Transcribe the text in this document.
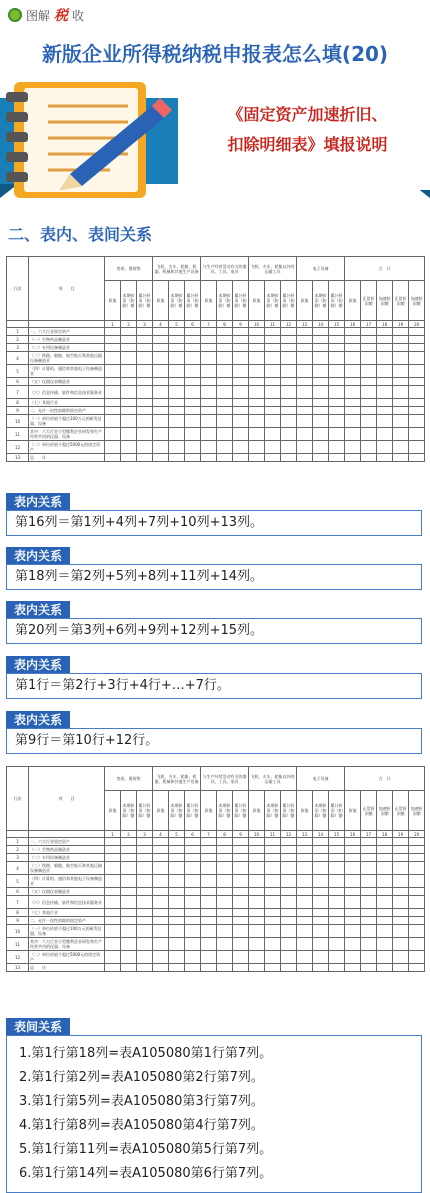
图解 税 收
新版企业所得税纳税申报表怎么填(20)
《固定资产加速折旧、
扣除明细表》填报说明
二、表内、表间关系
行次	项　　目	房屋、建筑物			飞机、火车、轮船、机器、机械和其他生产设备			与生产经营活动有关的器具、工具、家具			飞机、火车、轮船以外的运输工具			电子设备			合　计				
		原值	本期折旧（扣除）额	累计折旧（扣除）额	原值	本期折旧（扣除）额	累计折旧（扣除）额	原值	本期折旧（扣除）额	累计折旧（扣除）额	原值	本期折旧（扣除）额	累计折旧（扣除）额	原值	本期折旧（扣除）额	累计折旧（扣除）额	原值	正常折旧额	加速折旧额	正常折旧额	加速折旧额
		1	2	3	4	5	6	7	8	9	10	11	12	13	14	15	16	17	18	19	20
1	一、六大行业固定资产																				
2	（一）生物药品制造业																				
3	（二）专用设备制造业																				
4	（三）铁路、船舶、航空航天和其他运输设备制造业																				
5	（四）计算机、通信和其他电子设备制造业																				
6	（五）仪器仪表制造业																				
7	（六）信息传输、软件和信息技术服务业																				
8	（七）其他行业																				
9	二、允许一次性扣除的固定资产																				
10	（一）单位价值不超过100万元的研发仪器、设备																				
11	其中：六大行业小型微利企业研发和生产经营共用的仪器、设备																				
12	（二）单位价值不超过5000元的固定资产																				
13	总　　计																				
表内关系
第16列＝第1列+4列+7列+10列+13列。
表内关系
第18列＝第2列+5列+8列+11列+14列。
表内关系
第20列＝第3列+6列+9列+12列+15列。
表内关系
第1行＝第2行+3行+4行+…+7行。
表内关系
第9行＝第10行+12行。
行次	项　　目	房屋、建筑物			飞机、火车、轮船、机器、机械和其他生产设备			与生产经营活动有关的器具、工具、家具			飞机、火车、轮船以外的运输工具			电子设备			合　计				
		原值	本期折旧（扣除）额	累计折旧（扣除）额	原值	本期折旧（扣除）额	累计折旧（扣除）额	原值	本期折旧（扣除）额	累计折旧（扣除）额	原值	本期折旧（扣除）额	累计折旧（扣除）额	原值	本期折旧（扣除）额	累计折旧（扣除）额	原值	正常折旧额	加速折旧额	正常折旧额	加速折旧额
		1	2	3	4	5	6	7	8	9	10	11	12	13	14	15	16	17	18	19	20
1	一、六大行业固定资产																				
2	（一）生物药品制造业																				
3	（二）专用设备制造业																				
4	（三）铁路、船舶、航空航天和其他运输设备制造业																				
5	（四）计算机、通信和其他电子设备制造业																				
6	（五）仪器仪表制造业																				
7	（六）信息传输、软件和信息技术服务业																				
8	（七）其他行业																				
9	二、允许一次性扣除的固定资产																				
10	（一）单位价值不超过100万元的研发仪器、设备																				
11	其中：六大行业小型微利企业研发和生产经营共用的仪器、设备																				
12	（二）单位价值不超过5000元的固定资产																				
13	总　　计																				
表间关系
1.第1行第18列=表A105080第1行第7列。
2.第1行第2列=表A105080第2行第7列。
3.第1行第5列=表A105080第3行第7列。
4.第1行第8列=表A105080第4行第7列。
5.第1行第11列=表A105080第5行第7列。
6.第1行第14列=表A105080第6行第7列。
